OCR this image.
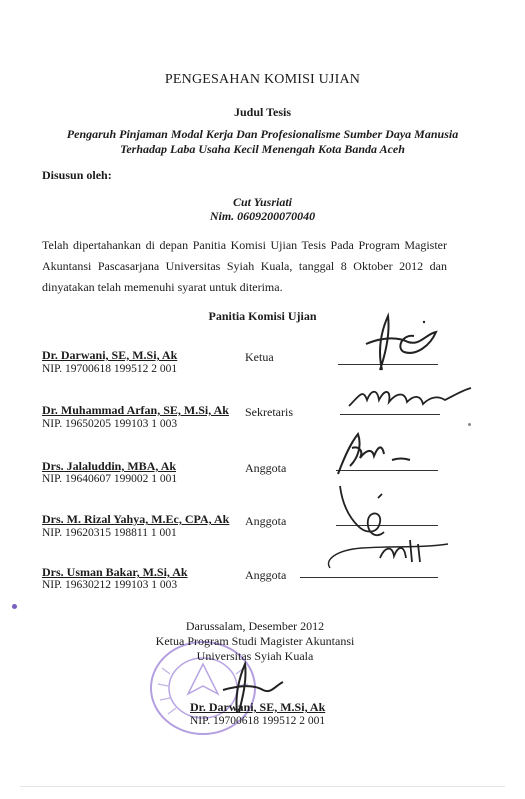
PENGESAHAN KOMISI UJIAN
Judul Tesis
Pengaruh Pinjaman Modal Kerja Dan Profesionalisme Sumber Daya Manusia
Terhadap Laba Usaha Kecil Menengah Kota Banda Aceh
Disusun oleh:
Cut Yusriati
Nim. 0609200070040
Telah dipertahankan di depan Panitia Komisi Ujian Tesis Pada Program Magister Akuntansi Pascasarjana Universitas Syiah Kuala, tanggal 8 Oktober 2012 dan dinyatakan telah memenuhi syarat untuk diterima.
Panitia Komisi Ujian
Dr. Darwani, SE, M.Si, Ak
NIP. 19700618 199512 2 001
Ketua
Dr. Muhammad Arfan, SE, M.Si, Ak
NIP. 19650205 199103 1 003
Sekretaris
Drs. Jalaluddin, MBA, Ak
NIP. 19640607 199002 1 001
Anggota
Drs. M. Rizal Yahya, M.Ec, CPA, Ak
NIP. 19620315 198811 1 001
Anggota
Drs. Usman Bakar, M.Si, Ak
NIP. 19630212 199103 1 003
Anggota
Darussalam, Desember 2012
Ketua Program Studi Magister Akuntansi
Universitas Syiah Kuala
Dr. Darwani, SE, M.Si, Ak
NIP. 19700618 199512 2 001
